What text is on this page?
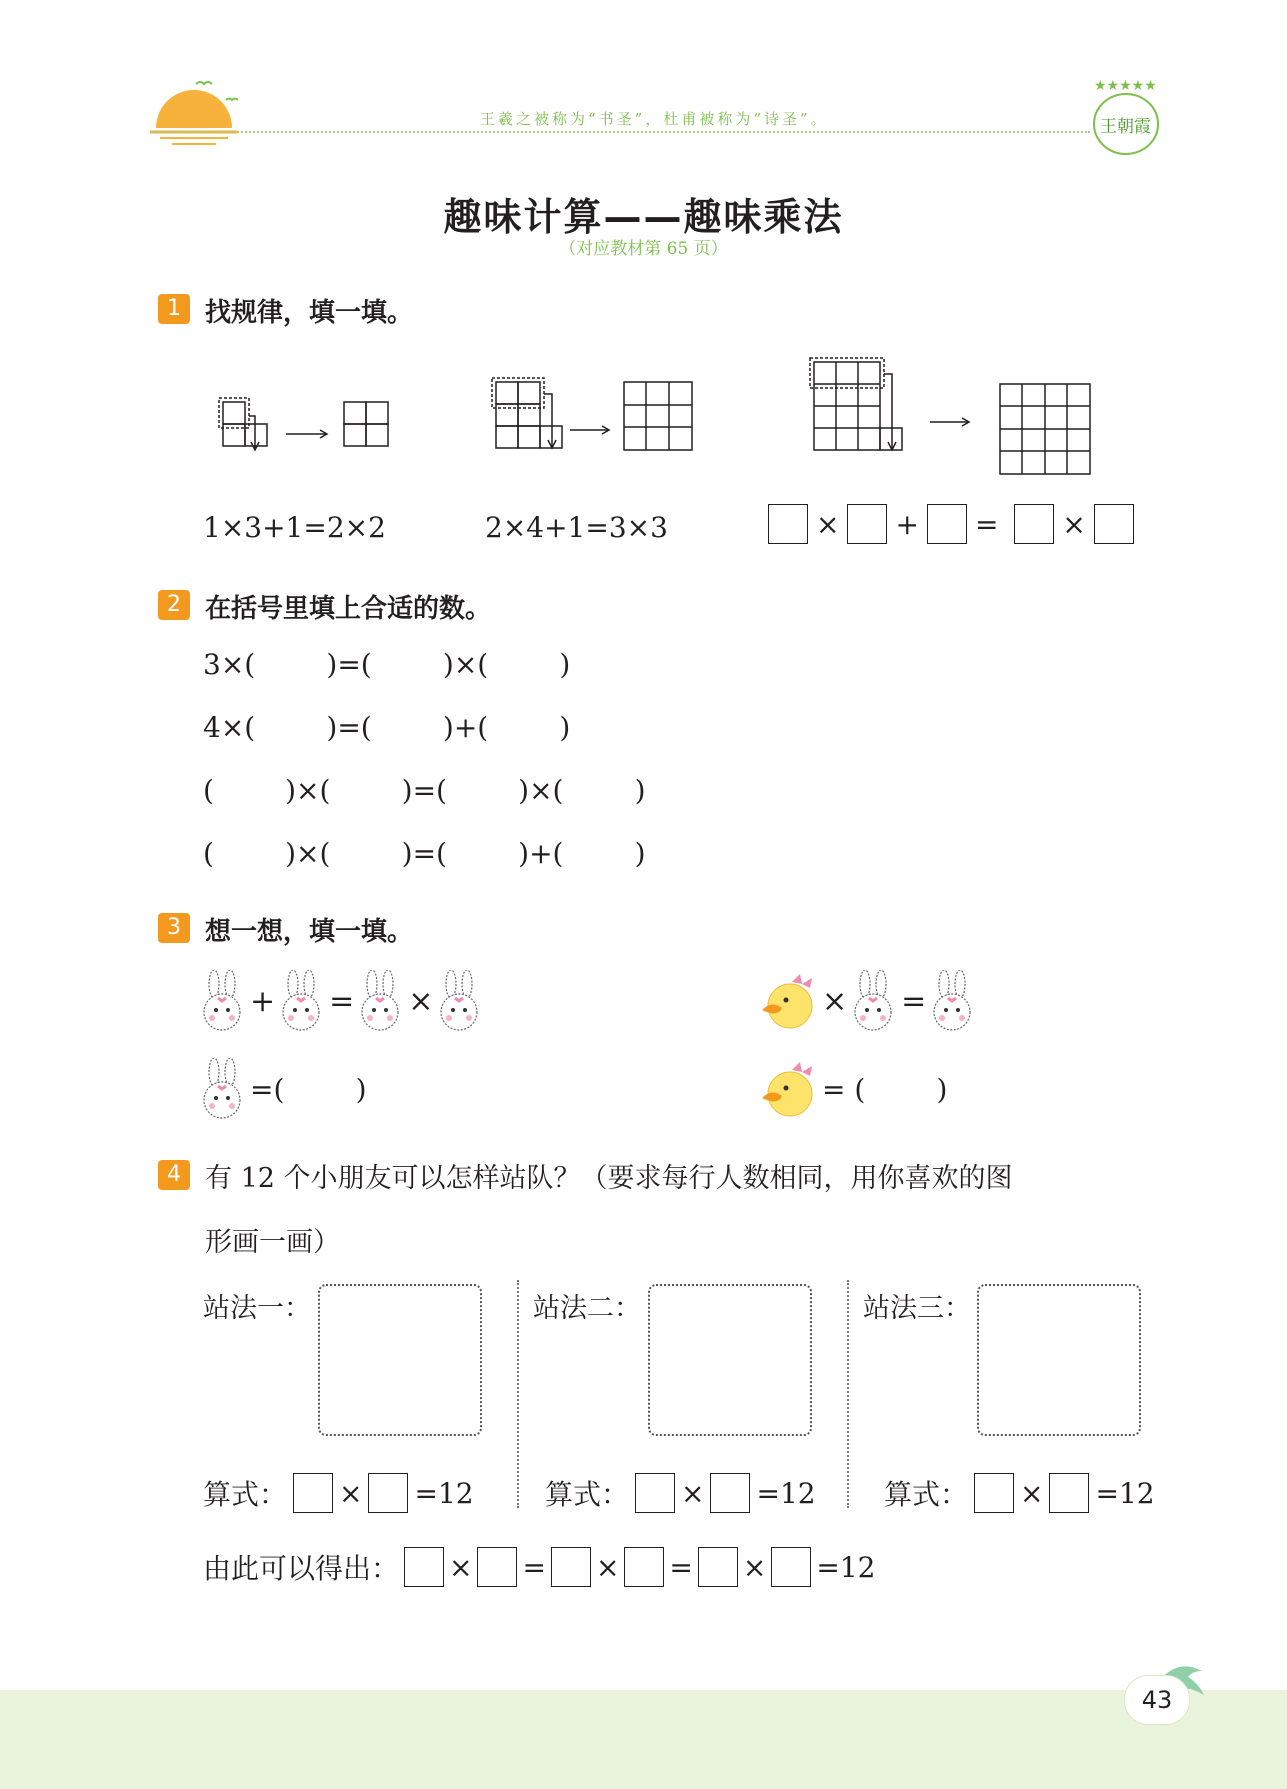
王羲之被称为“书圣”，杜甫被称为“诗圣”。
★★★★★
王朝霞
趣味计算——趣味乘法
（对应教材第 65 页）
1 找规律，填一填。
1×3+1=2×2	2×4+1=3×3	× + = ×
2 在括号里填上合适的数。
3×(        )=(        )×(        )
4×(        )=(        )+(        )
(        )×(        )=(        )×(        )
(        )×(        )=(        )+(        )
3 想一想，填一填。
+ = ×	× =
=(        )	= (        )
4 有 12 个小朋友可以怎样站队？（要求每行人数相同，用你喜欢的图
形画一画）
站法一：	站法二：	站法三：
算式： × =12	算式： × =12 算式： × =12
由此可以得出： × = × = × =12
43
